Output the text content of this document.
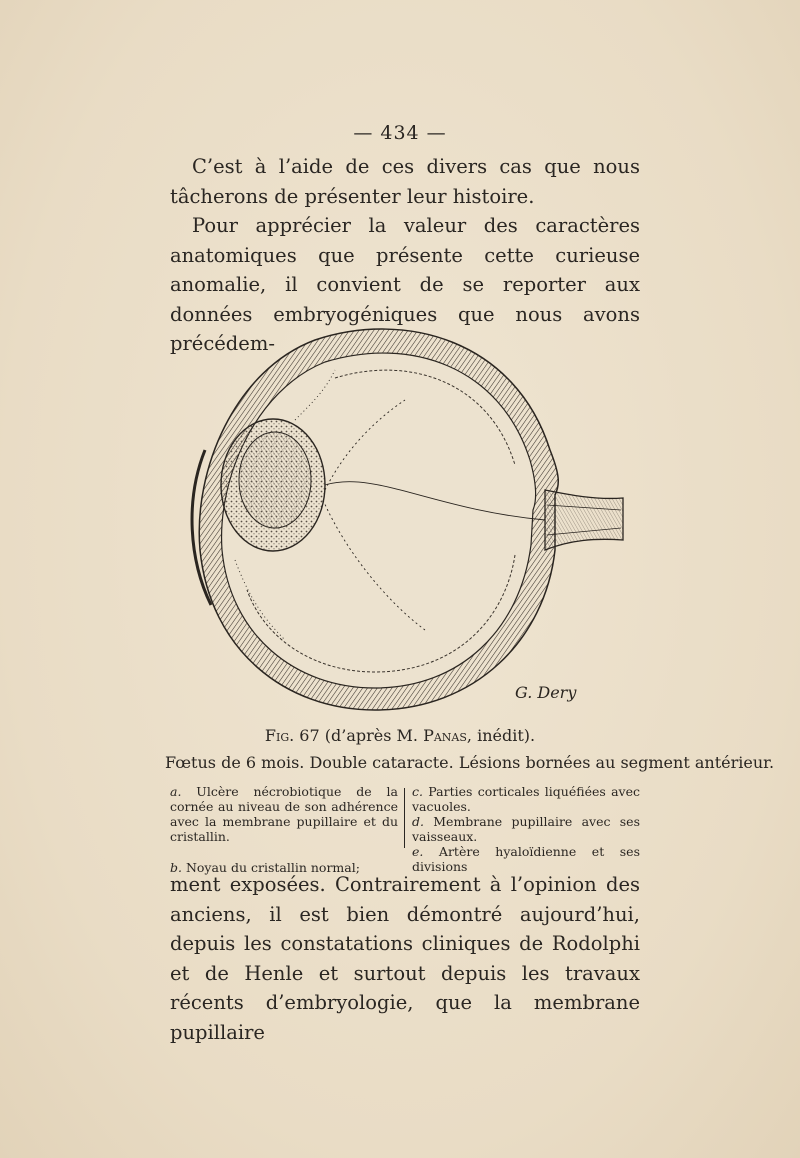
— 434 —

C’est à l’aide de ces divers cas que nous tâcherons de présenter leur histoire.

Pour apprécier la valeur des caractères anatomiques que présente cette curieuse anomalie, il convient de se reporter aux données embryogéniques que nous avons précédem-

G. Dery
Fig. 67 (d’après M. Panas, inédit).
Fœtus de 6 mois. Double cataracte. Lésions bornées au segment antérieur.

a. Ulcère nécrobiotique de la cornée au niveau de son adhérence avec la membrane pupillaire et du cristallin.

b. Noyau du cristallin normal;

c. Parties corticales liquéfiées avec vacuoles.

d. Membrane pupillaire avec ses vaisseaux.

e. Artère hyaloïdienne et ses divisions

ment exposées. Contrairement à l’opinion des anciens, il est bien démontré aujourd’hui, depuis les constatations cliniques de Rodolphi et de Henle et surtout depuis les travaux récents d’embryologie, que la membrane pupillaire
